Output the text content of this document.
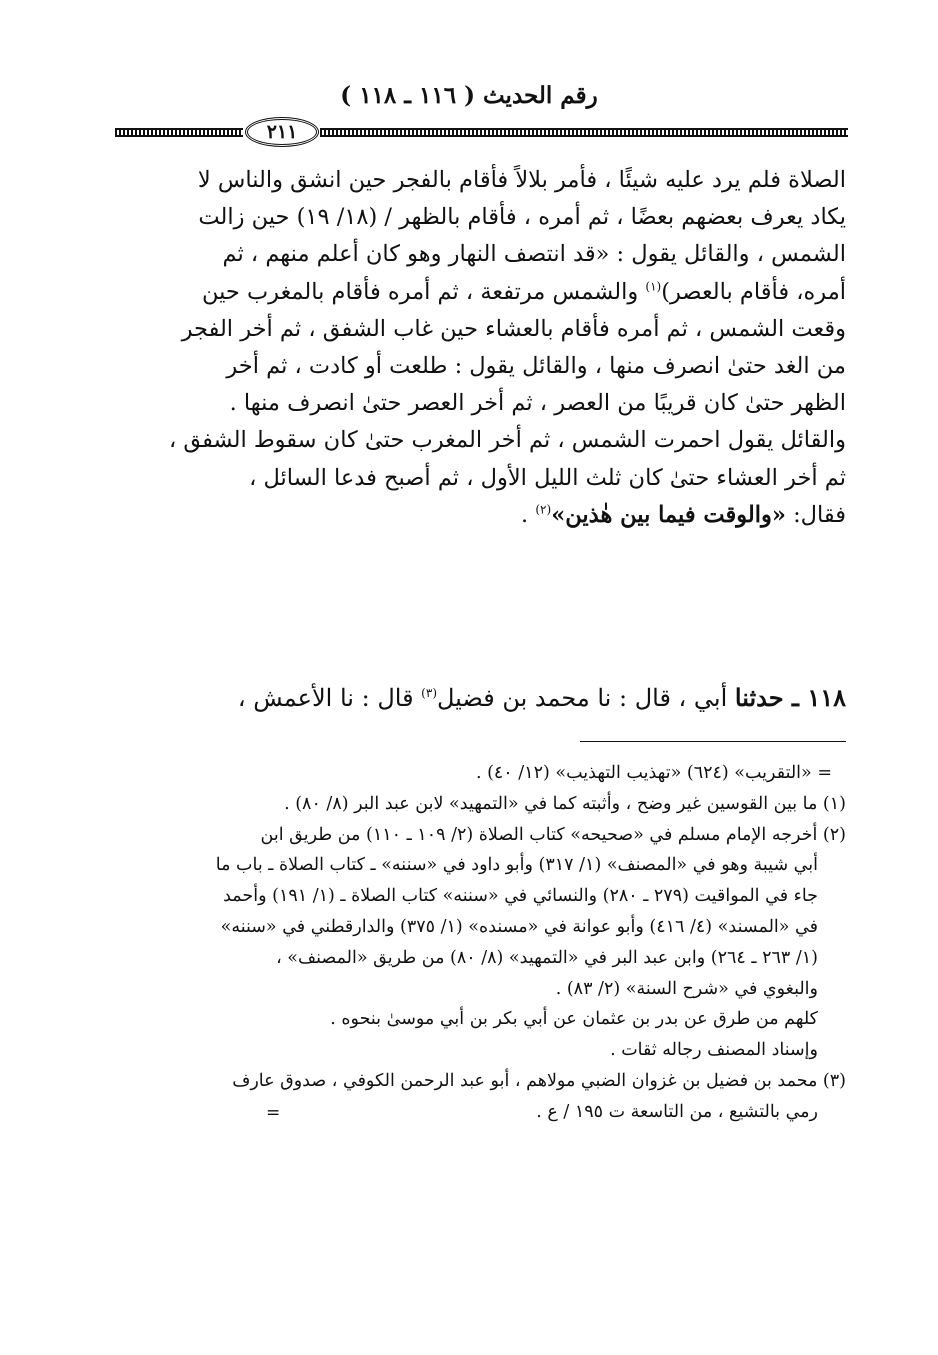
رقم الحديث ( ١١٦ ـ ١١٨ )
٢١١

الصلاة فلم يرد عليه شيئًا ، فأمر بلالاً فأقام بالفجر حين انشق والناس لا

يكاد يعرف بعضهم بعضًا ، ثم أمره ، فأقام بالظهر / (١٨/ ١٩) حين زالت

الشمس ، والقائل يقول : «قد انتصف النهار وهو كان أعلم منهم ، ثم

أمره، فأقام بالعصر)$^{(١)}$ والشمس مرتفعة ، ثم أمره فأقام بالمغرب حين

وقعت الشمس ، ثم أمره فأقام بالعشاء حين غاب الشفق ، ثم أخر الفجر

من الغد حتىٰ انصرف منها ، والقائل يقول : طلعت أو كادت ، ثم أخر

الظهر حتىٰ كان قريبًا من العصر ، ثم أخر العصر حتىٰ انصرف منها .

والقائل يقول احمرت الشمس ، ثم أخر المغرب حتىٰ كان سقوط الشفق ،

ثم أخر العشاء حتىٰ كان ثلث الليل الأول ، ثم أصبح فدعا السائل ،

فقال: «والوقت فيما بين هٰذين»$^{(٢)}$ .

١١٨ ـ حدثنا أبي ، قال : نا محمد بن فضيل$^{(٣)}$ قال : نا الأعمش ،

= «التقريب» (٦٢٤) «تهذيب التهذيب» (١٢/ ٤٠) .

(١) ما بين القوسين غير وضح ، وأثبته كما في «التمهيد» لابن عبد البر (٨/ ٨٠) .

(٢) أخرجه الإمام مسلم في «صحيحه» كتاب الصلاة (٢/ ١٠٩ ـ ١١٠) من طريق ابن
أبي شيبة وهو في «المصنف» (١/ ٣١٧) وأبو داود في «سننه» ـ كتاب الصلاة ـ باب ما
جاء في المواقيت (٢٧٩ ـ ٢٨٠) والنسائي في «سننه» كتاب الصلاة ـ (١/ ١٩١) وأحمد
في «المسند» (٤/ ٤١٦) وأبو عوانة في «مسنده» (١/ ٣٧٥) والدارقطني في «سننه»
(١/ ٢٦٣ ـ ٢٦٤) وابن عبد البر في «التمهيد» (٨/ ٨٠) من طريق «المصنف» ،
والبغوي في «شرح السنة» (٢/ ٨٣) .
كلهم من طرق عن بدر بن عثمان عن أبي بكر بن أبي موسىٰ بنحوه .
وإسناد المصنف رجاله ثقات .

(٣) محمد بن فضيل بن غزوان الضبي مولاهم ، أبو عبد الرحمن الكوفي ، صدوق عارف
رمي بالتشيع ، من التاسعة ت ١٩٥ / ع .
=
